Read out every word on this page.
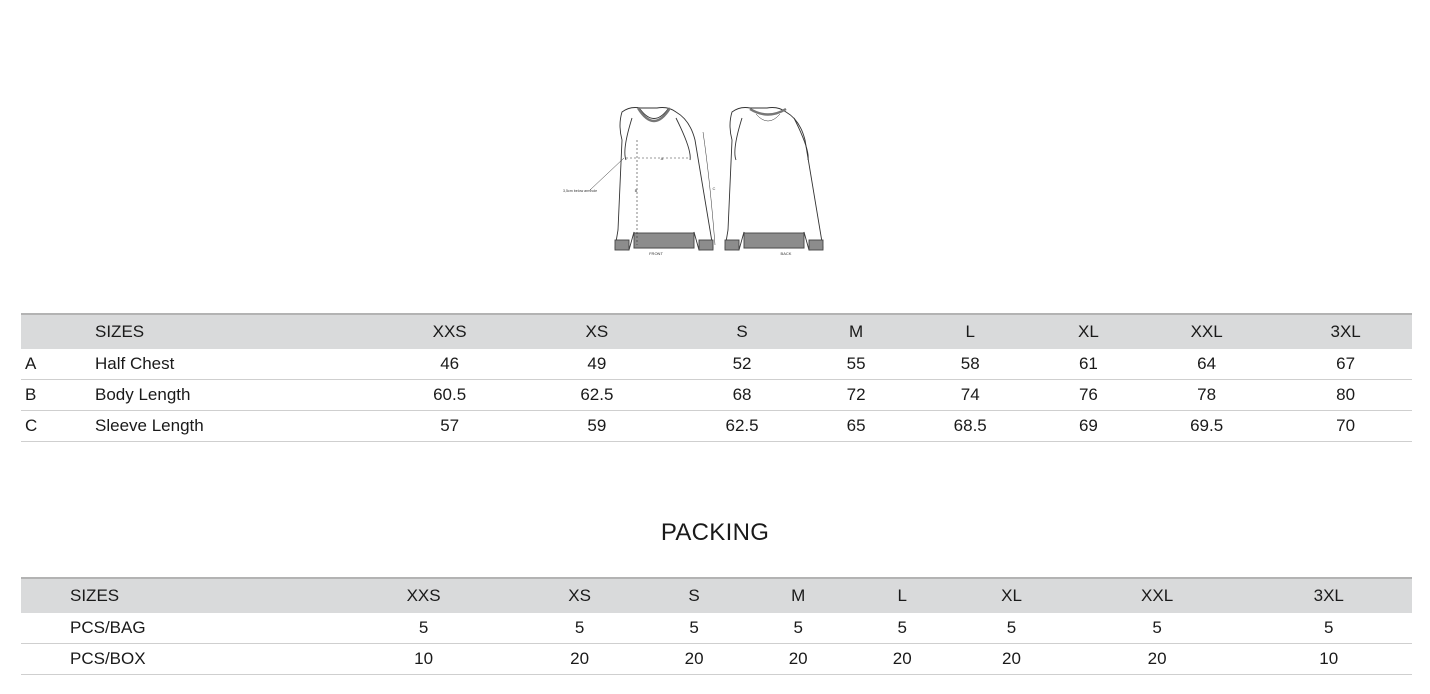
A
B	C
3,5cm below armhole
FRONT	BACK
	SIZES	XXS	XS	S	M	L	XL	XXL	3XL
A	Half Chest	46	49	52	55	58	61	64	67
B	Body Length	60.5	62.5	68	72	74	76	78	80
C	Sleeve Length	57	59	62.5	65	68.5	69	69.5	70
PACKING
	SIZES	XXS	XS	S	M	L	XL	XXL	3XL
	PCS/BAG	5	5	5	5	5	5	5	5
	PCS/BOX	10	20	20	20	20	20	20	10
